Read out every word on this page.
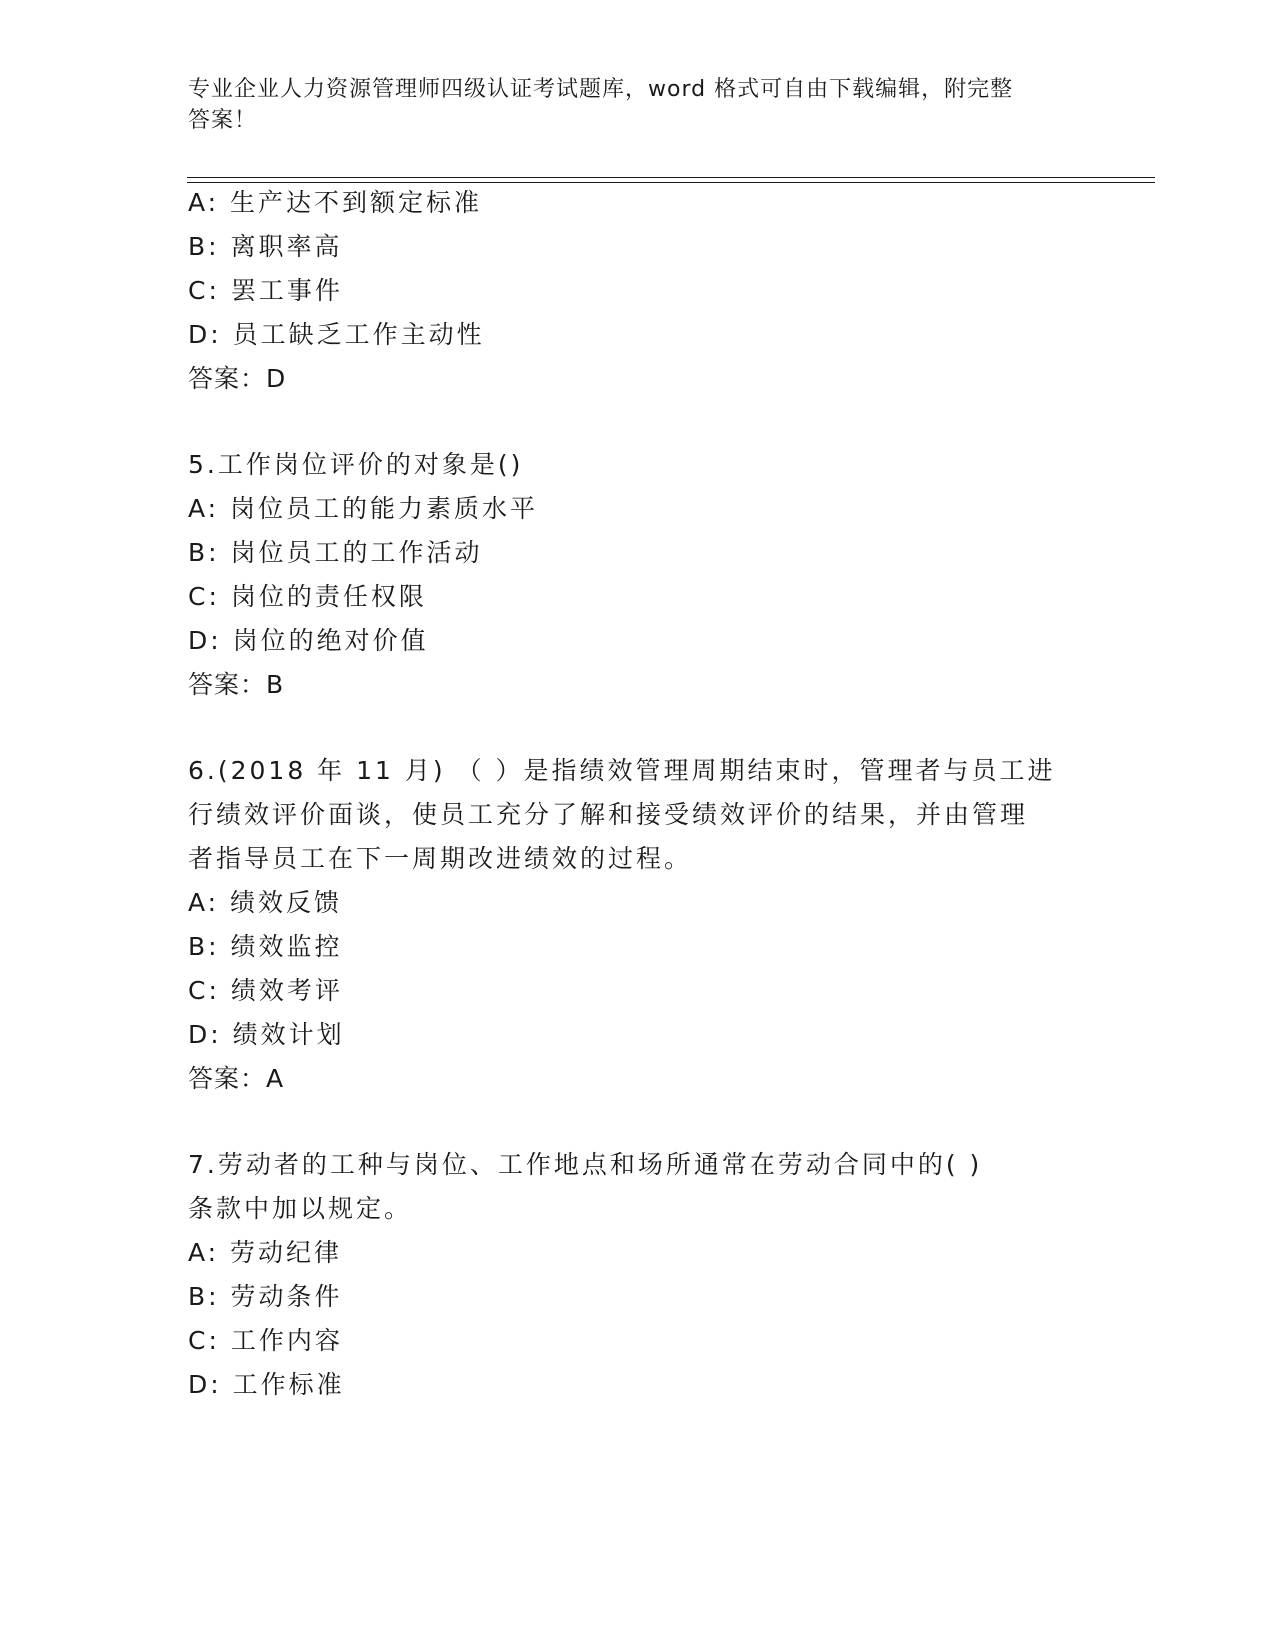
专业企业人力资源管理师四级认证考试题库，word 格式可自由下载编辑，附完整
答案！
A: 生产达不到额定标准
B: 离职率高
C: 罢工事件
D: 员工缺乏工作主动性
答案：D
5.工作岗位评价的对象是()
A: 岗位员工的能力素质水平
B: 岗位员工的工作活动
C: 岗位的责任权限
D: 岗位的绝对价值
答案：B
6.(2018 年 11 月) （ ）是指绩效管理周期结束时，管理者与员工进
行绩效评价面谈，使员工充分了解和接受绩效评价的结果，并由管理
者指导员工在下一周期改进绩效的过程。
A: 绩效反馈
B: 绩效监控
C: 绩效考评
D: 绩效计划
答案：A
7.劳动者的工种与岗位、工作地点和场所通常在劳动合同中的( )
条款中加以规定。
A: 劳动纪律
B: 劳动条件
C: 工作内容
D: 工作标准
